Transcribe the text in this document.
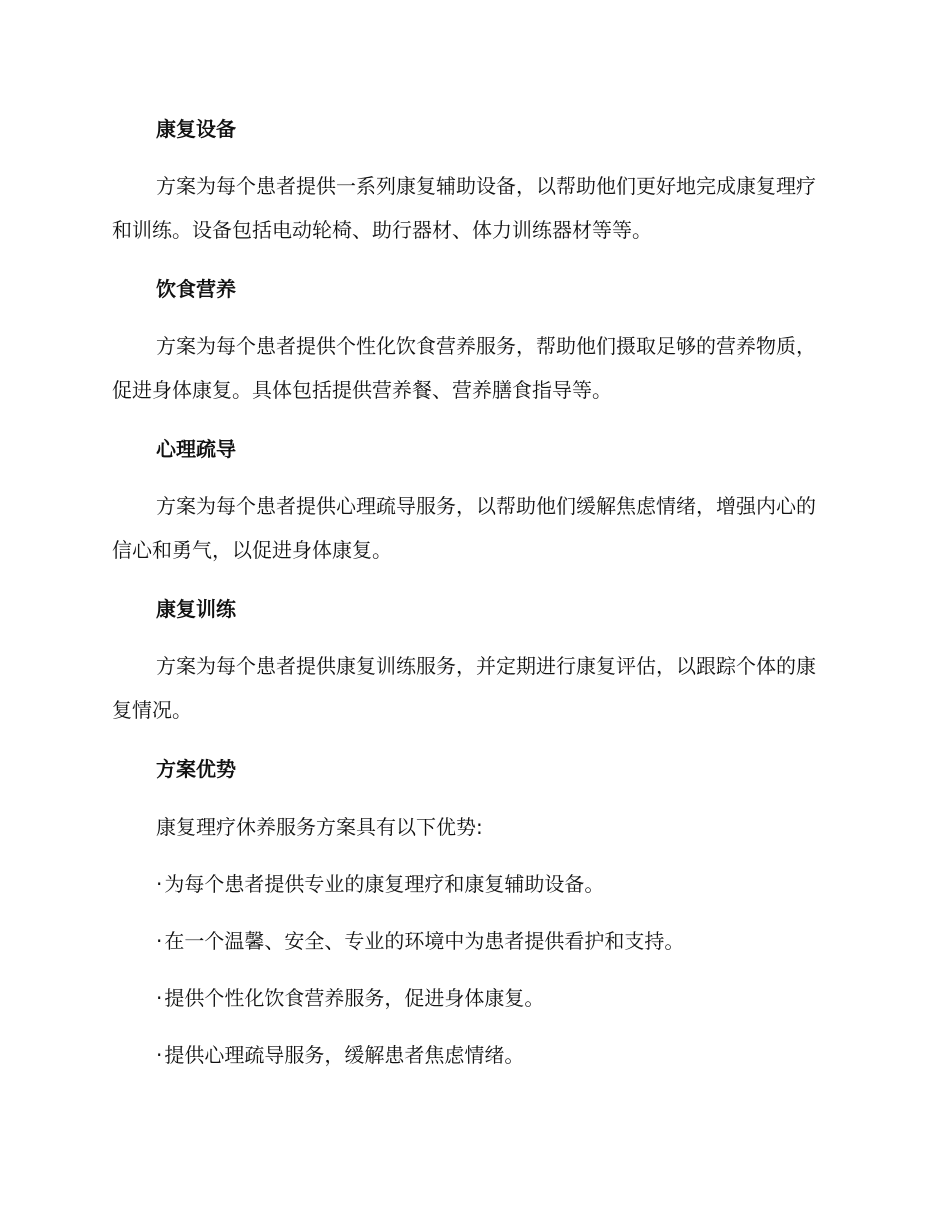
康复设备

方案为每个患者提供一系列康复辅助设备，以帮助他们更好地完成康复理疗和训练。设备包括电动轮椅、助行器材、体力训练器材等等。

饮食营养

方案为每个患者提供个性化饮食营养服务，帮助他们摄取足够的营养物质，促进身体康复。具体包括提供营养餐、营养膳食指导等。

心理疏导

方案为每个患者提供心理疏导服务，以帮助他们缓解焦虑情绪，增强内心的信心和勇气，以促进身体康复。

康复训练

方案为每个患者提供康复训练服务，并定期进行康复评估，以跟踪个体的康复情况。

方案优势
康复理疗休养服务方案具有以下优势:
· 为每个患者提供专业的康复理疗和康复辅助设备。
· 在一个温馨、安全、专业的环境中为患者提供看护和支持。
· 提供个性化饮食营养服务，促进身体康复。
· 提供心理疏导服务，缓解患者焦虑情绪。
